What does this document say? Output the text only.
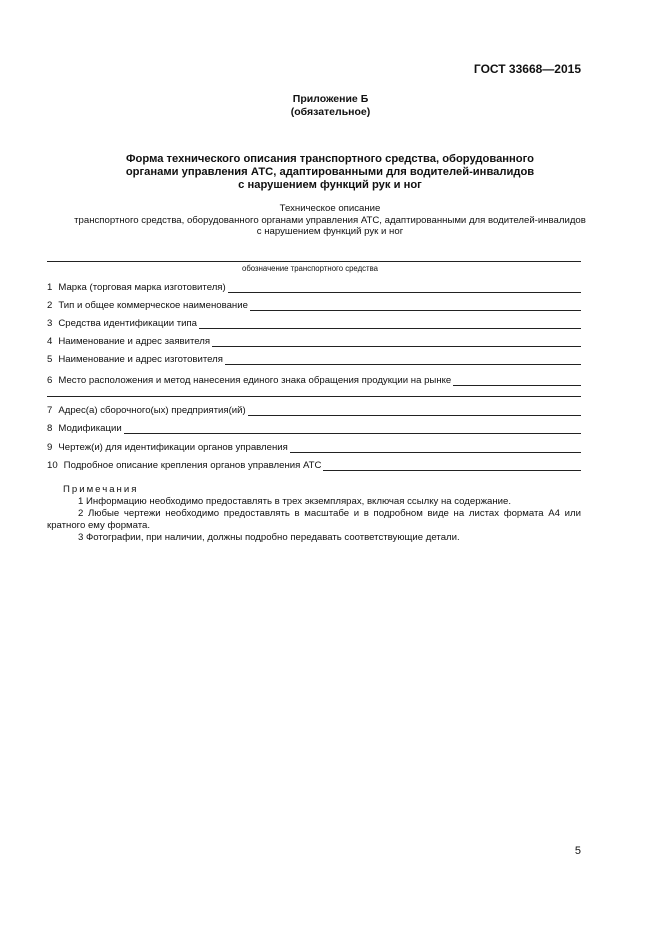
ГОСТ 33668—2015
Приложение Б
(обязательное)
Форма технического описания транспортного средства, оборудованного
органами управления АТС, адаптированными для водителей-инвалидов
с нарушением функций рук и ног
Техническое описание
транспортного средства, оборудованного органами управления АТС, адаптированными для водителей-инвалидов
с нарушением функций рук и ног
обозначение транспортного средства
1 Марка (торговая марка изготовителя)
2 Тип и общее коммерческое наименование
3 Средства идентификации типа
4 Наименование и адрес заявителя
5 Наименование и адрес изготовителя
6 Место расположения и метод нанесения единого знака обращения продукции на рынке
7 Адрес(а) сборочного(ых) предприятия(ий)
8 Модификации
9 Чертеж(и) для идентификации органов управления
10 Подробное описание крепления органов управления АТС
Примечания
1 Информацию необходимо предоставлять в трех экземплярах, включая ссылку на содержание.
2 Любые чертежи необходимо предоставлять в масштабе и в подробном виде на листах формата А4 или кратного ему формата.
3 Фотографии, при наличии, должны подробно передавать соответствующие детали.
5
